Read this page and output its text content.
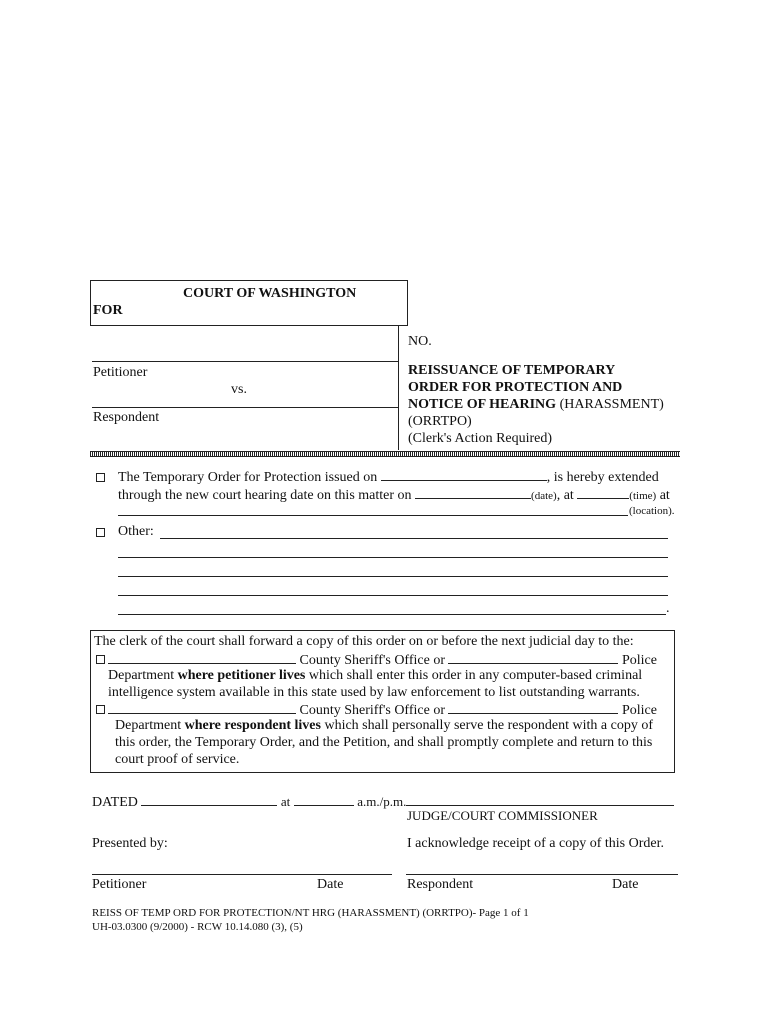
COURT OF WASHINGTON
FOR
NO.
Petitioner
vs.
Respondent
REISSUANCE OF TEMPORARY
ORDER FOR PROTECTION AND
NOTICE OF HEARING (HARASSMENT)
(ORRTPO)
(Clerk's Action Required)
The Temporary Order for Protection issued on	, is hereby extended
through the new court hearing date on this matter on	(date), at	(time) at
(location).
Other:
.
The clerk of the court shall forward a copy of this order on or before the next judicial day to the:
County Sheriff's Office or	Police
Department where petitioner lives which shall enter this order in any computer-based criminal
intelligence system available in this state used by law enforcement to list outstanding warrants.
County Sheriff's Office or	Police
Department where respondent lives which shall personally serve the respondent with a copy of
this order, the Temporary Order, and the Petition, and shall promptly complete and return to this
court proof of service.
DATED	at	a.m./p.m.
JUDGE/COURT COMMISSIONER
Presented by:	I acknowledge receipt of a copy of this Order.
Petitioner	Date	Respondent	Date
REISS OF TEMP ORD FOR PROTECTION/NT HRG (HARASSMENT) (ORRTPO)- Page 1 of 1
UH-03.0300 (9/2000) - RCW 10.14.080 (3), (5)
